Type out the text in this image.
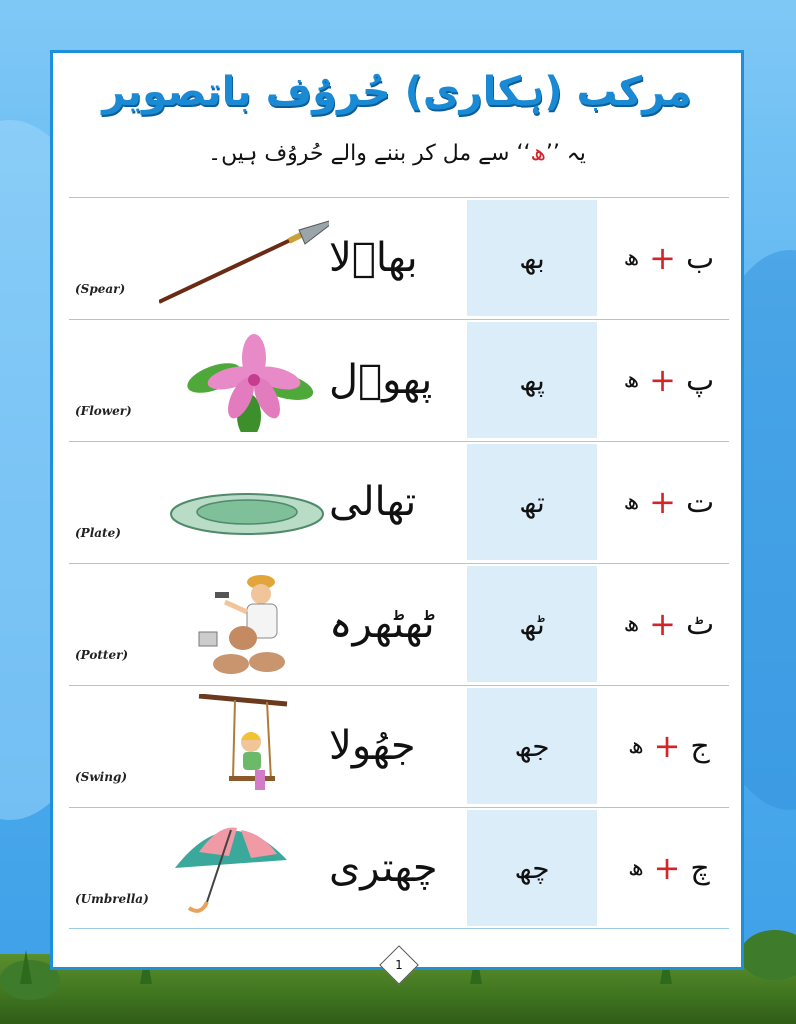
مرکب (ہکاری) حُروُف باتصویر
یہ ’’ھ‘‘ سے مل کر بننے والے حُروُف ہیں۔
ب
+
ھ
بھ
بھاؔلا
(Spear)
پ
+
ھ
پھ
پھوؔل
(Flower)
ت
+
ھ
تھ
تھالی
(Plate)
ٹ
+
ھ
ٹھ
ٹھٹھرہ
(Potter)
ج
+
ھ
جھ
جھُولا
(Swing)
چ
+
ھ
چھ
چھتری
(Umbrella)
1
